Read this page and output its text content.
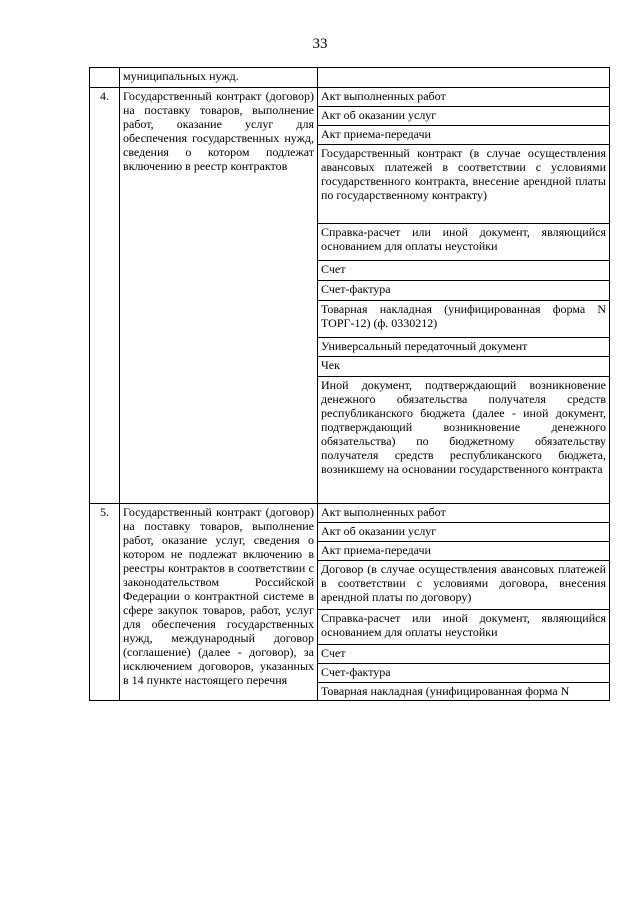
33
	муниципальных нужд.	
4.	Государственный контракт (договор) на поставку товаров, выполнение работ, оказание услуг для обеспечения государственных нужд, сведения о котором подлежат включению в реестр контрактов	Акт выполненных работ
		Акт об оказании услуг
		Акт приема-передачи
		Государственный контракт (в случае осуществления авансовых платежей в соответствии с условиями государственного контракта, внесение арендной платы по государственному контракту)
		Справка-расчет или иной документ, являющийся основанием для оплаты неустойки
		Счет
		Счет-фактура
		Товарная накладная (унифицированная форма N ТОРГ-12) (ф. 0330212)
		Универсальный передаточный документ
		Чек
		Иной документ, подтверждающий возникновение денежного обязательства получателя средств республиканского бюджета (далее - иной документ, подтверждающий возникновение денежного обязательства) по бюджетному обязательству получателя средств республиканского бюджета, возникшему на основании государственного контракта
5.	Государственный контракт (договор) на поставку товаров, выполнение работ, оказание услуг, сведения о котором не подлежат включению в реестры контрактов в соответствии с законодательством Российской Федерации о контрактной системе в сфере закупок товаров, работ, услуг для обеспечения государственных нужд, международный договор (соглашение) (далее - договор), за исключением договоров, указанных в 14 пункте настоящего перечня	Акт выполненных работ
		Акт об оказании услуг
		Акт приема-передачи
		Договор (в случае осуществления авансовых платежей в соответствии с условиями договора, внесения арендной платы по договору)
		Справка-расчет или иной документ, являющийся основанием для оплаты неустойки
		Счет
		Счет-фактура
		Товарная накладная (унифицированная форма N
